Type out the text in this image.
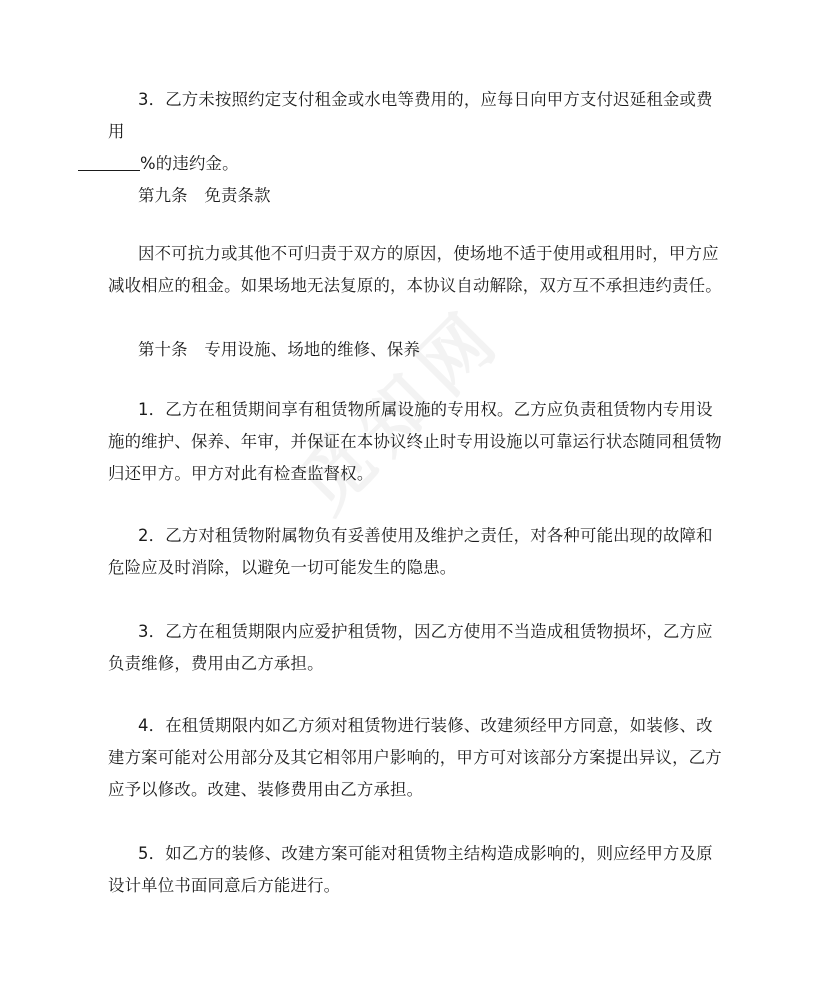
3．乙方未按照约定支付租金或水电等费用的，应每日向甲方支付迟延租金或费用
%的违约金。

第九条　免责条款

因不可抗力或其他不可归责于双方的原因，使场地不适于使用或租用时，甲方应减收相应的租金。如果场地无法复原的，本协议自动解除，双方互不承担违约责任。

第十条　专用设施、场地的维修、保养

1．乙方在租赁期间享有租赁物所属设施的专用权。乙方应负责租赁物内专用设施的维护、保养、年审，并保证在本协议终止时专用设施以可靠运行状态随同租赁物归还甲方。甲方对此有检查监督权。

2．乙方对租赁物附属物负有妥善使用及维护之责任，对各种可能出现的故障和危险应及时消除，以避免一切可能发生的隐患。

3．乙方在租赁期限内应爱护租赁物，因乙方使用不当造成租赁物损坏，乙方应负责维修，费用由乙方承担。

4．在租赁期限内如乙方须对租赁物进行装修、改建须经甲方同意，如装修、改建方案可能对公用部分及其它相邻用户影响的，甲方可对该部分方案提出异议，乙方应予以修改。改建、装修费用由乙方承担。

5．如乙方的装修、改建方案可能对租赁物主结构造成影响的，则应经甲方及原设计单位书面同意后方能进行。
